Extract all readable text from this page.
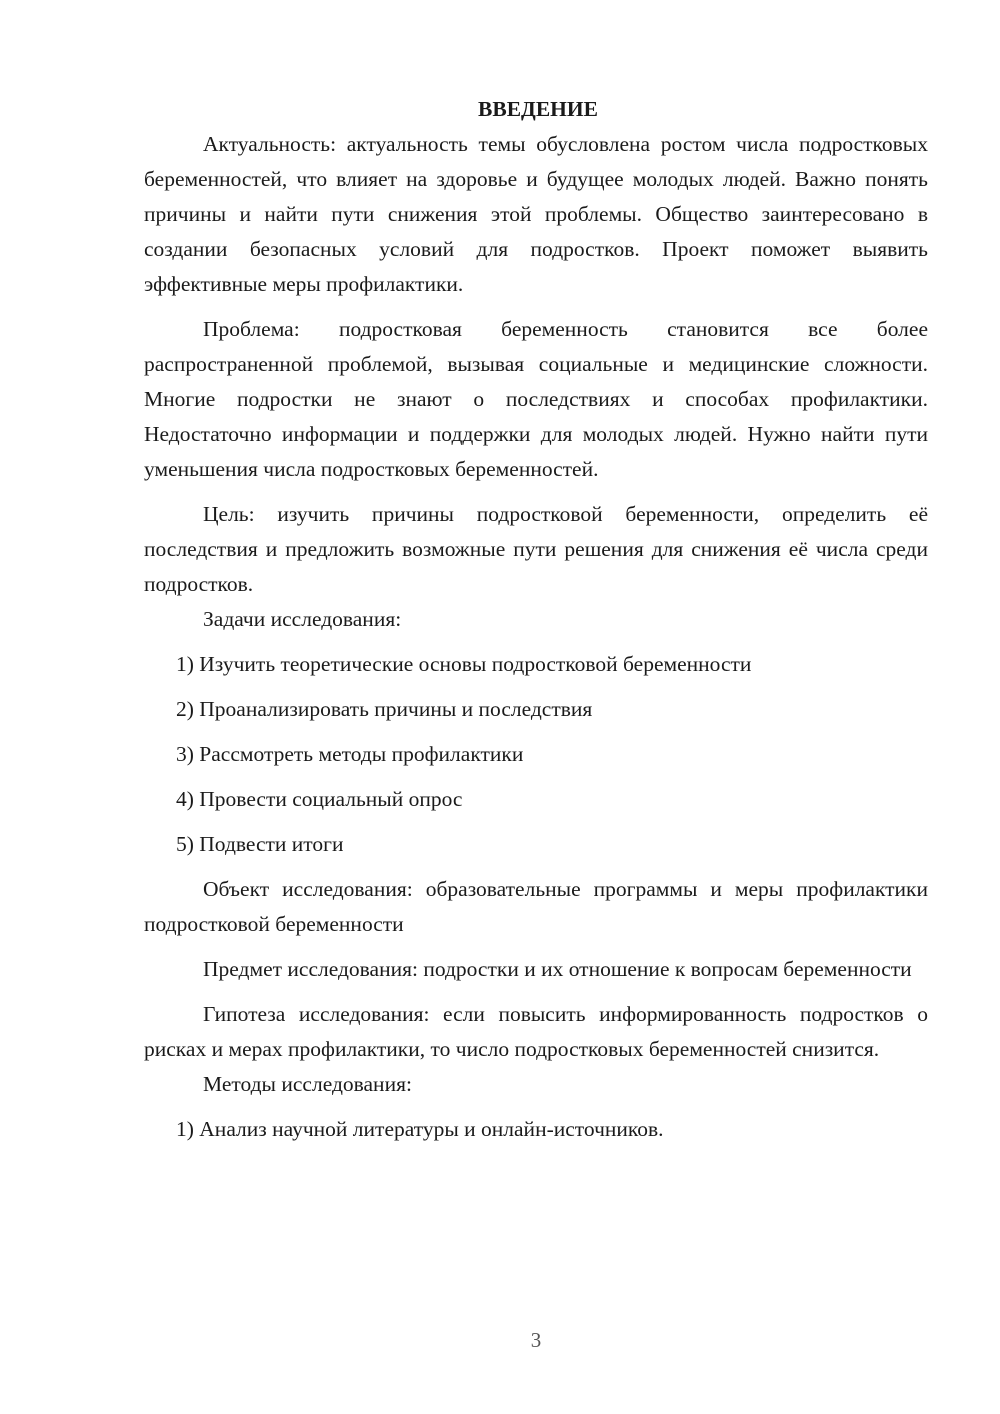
ВВЕДЕНИЕ

Актуальность: актуальность темы обусловлена ростом числа подростковых беременностей, что влияет на здоровье и будущее молодых людей. Важно понять причины и найти пути снижения этой проблемы. Общество заинтересовано в создании безопасных условий для подростков. Проект поможет выявить эффективные меры профилактики.

Проблема: подростковая беременность становится все более распространенной проблемой, вызывая социальные и медицинские сложности. Многие подростки не знают о последствиях и способах профилактики. Недостаточно информации и поддержки для молодых людей. Нужно найти пути уменьшения числа подростковых беременностей.

Цель: изучить причины подростковой беременности, определить её последствия и предложить возможные пути решения для снижения её числа среди подростков.

Задачи исследования:

1) Изучить теоретические основы подростковой беременности

2) Проанализировать причины и последствия

3) Рассмотреть методы профилактики

4) Провести социальный опрос

5) Подвести итоги

Объект исследования: образовательные программы и меры профилактики подростковой беременности

Предмет исследования: подростки и их отношение к вопросам беременности

Гипотеза исследования: если повысить информированность подростков о рисках и мерах профилактики, то число подростковых беременностей снизится.

Методы исследования:

1) Анализ научной литературы и онлайн-источников.

3
